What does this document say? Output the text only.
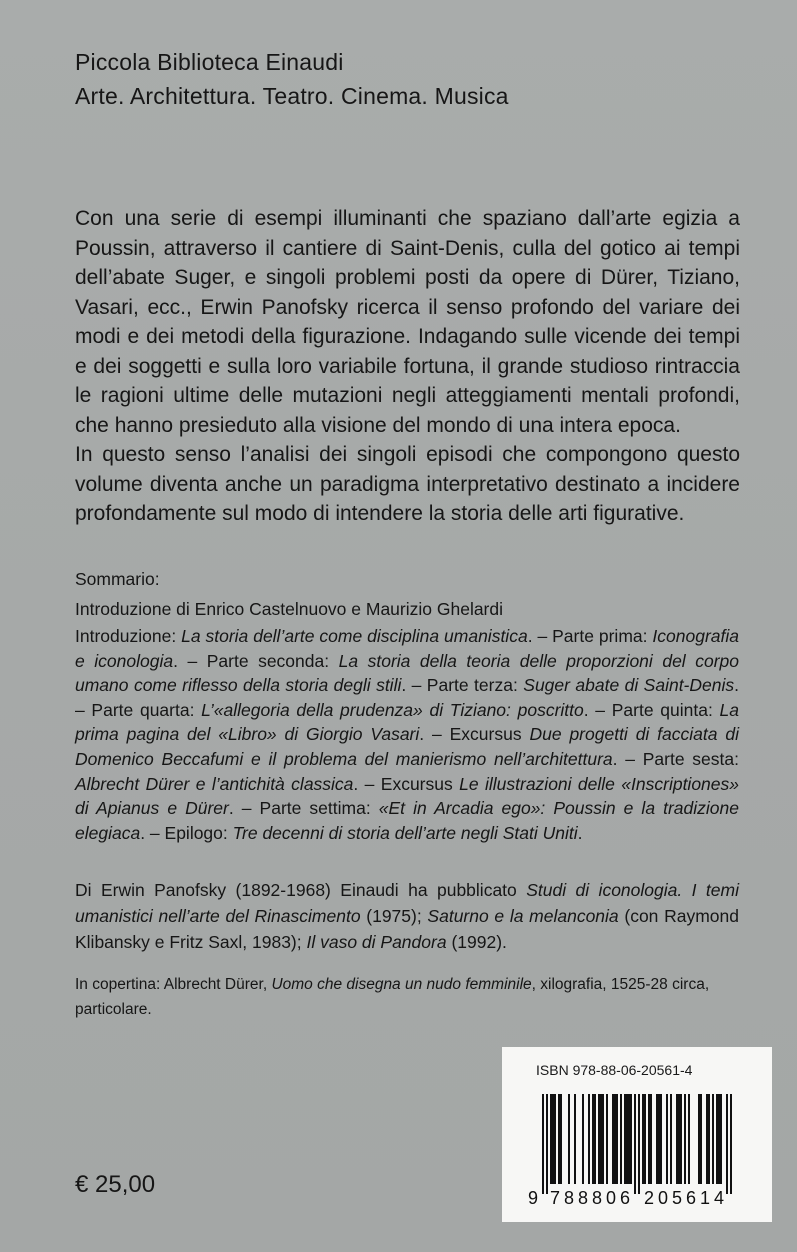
Piccola Biblioteca Einaudi
Arte. Architettura. Teatro. Cinema. Musica

Con una serie di esempi illuminanti che spaziano dall’arte egizia a Poussin, attraverso il cantiere di Saint-Denis, culla del gotico ai tempi dell’abate Suger, e singoli problemi posti da opere di Dürer, Tiziano, Vasari, ecc., Erwin Panofsky ricerca il senso profondo del variare dei modi e dei metodi della figurazione. Indagando sulle vicende dei tempi e dei soggetti e sulla loro variabile fortuna, il grande studioso rintraccia le ragioni ultime delle mutazioni negli atteggiamenti mentali profondi, che hanno presieduto alla visione del mondo di una intera epoca.

In questo senso l’analisi dei singoli episodi che compongono questo volume diventa anche un paradigma interpretativo destinato a incidere profondamente sul modo di intendere la storia delle arti figurative.

Sommario:
Introduzione di Enrico Castelnuovo e Maurizio Ghelardi
Introduzione: La storia dell’arte come disciplina umanistica. – Parte prima: Iconografia e iconologia. – Parte seconda: La storia della teoria delle proporzioni del corpo umano come riflesso della storia degli stili. – Parte terza: Suger abate di Saint-Denis. – Parte quarta: L’«allegoria della prudenza» di Tiziano: poscritto. – Parte quinta: La prima pagina del «Libro» di Giorgio Vasari. – Excursus Due progetti di facciata di Domenico Beccafumi e il problema del manierismo nell’architettura. – Parte sesta: Albrecht Dürer e l’antichità classica. – Excursus Le illustrazioni delle «Inscriptiones» di Apianus e Dürer. – Parte settima: «Et in Arcadia ego»: Poussin e la tradizione elegiaca. – Epilogo: Tre decenni di storia dell’arte negli Stati Uniti.
Di Erwin Panofsky (1892-1968) Einaudi ha pubblicato Studi di iconologia. I temi umanistici nell’arte del Rinascimento (1975); Saturno e la melanconia (con Raymond Klibansky e Fritz Saxl, 1983); Il vaso di Pandora (1992).
In copertina: Albrecht Dürer, Uomo che disegna un nudo femminile, xilografia, 1525-28 circa, particolare.
€ 25,00
ISBN 978-88-06-20561-4
9 7 8 8 8 0 6 2 0 5 6 1 4
